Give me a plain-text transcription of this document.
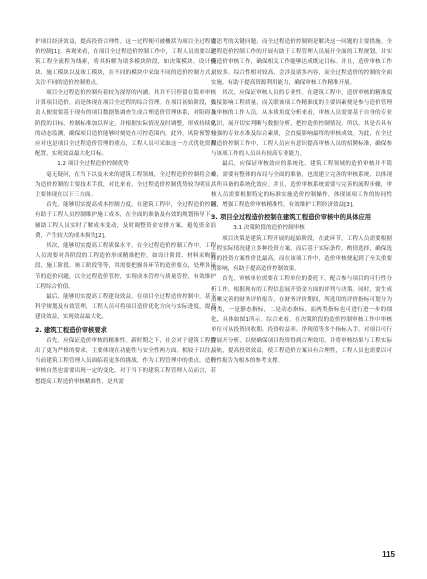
护项目经济效益，提高投资合理性，这一过程便可被概括为项目全过程造价控制[1]。客观来看，在项目全过程造价控制工作中，工程人员需要以建筑工程全流程为线索，将其拆解为诸多模块阶段，如决策模块、设计模块、施工模块以及竣工模块，在不同的模块中采取不同的造价控制方式，关注不同的造价控制重点。

项目全过程造价控制有着较为深厚的内涵，其并不只停留在简单审核计算项目造价，而是体现在项目全过程的综合管理。在项目初始阶段，负责人便需要基于现有的项目数据集调查生成合理造价管理体系，对阻碍各阶段的目标，控制标准加以界定，并根据实际情况及时调整，形成持续化的动态监测，确保项目造价能够时刻处在可控范围内。此外，风险预警与应对也是项目全过程造价管理的重点，工程人员可采取这一方式优化资源配置，实现效益最大化目标。

1.2 项目全过程造价控制优势

毫无疑问，在当下以及未来的建筑工程领域，全过程造价控制将会成为造价控制的主要技术手段，对比来看，全过程造价控制优势较为明显，主要体现在以下三方面。

首先，能够切实提高成本控制力度。在建筑工程中，全过程造价控制有助于工程人员控制维护施工成本，在全面的准备及有效的规划指导下，辅助工程人员实时了解成本变动，及时调整资金安排方案，避免资金浪费，产生较大的成本损失[2]。

其次，能够切实提高工程质保水平。在全过程造价控制工作中，工程人员需要对各阶段的工程造价形成精准把控，如设计阶段、材料采购阶段、施工阶段、竣工阶段等等，其需要把握各环节的造价要点，处理各环节的造价问题，以全过程造价管控，实现成本管控与质量管控，有效维护工程综合价值。

最后，能够切实提高工程建设效益。在项目全过程造价控制中，基于科学规划及有效管理，工程人员可将项目造价优化方向与实际进度，提高建设效益，实现效益最大化。

2. 建筑工程造价审核要求

首先，应保证造价审核的精准性。新时期之下，社会对于建筑工程提出了更为严格的要求，主要体现在功能性与安全性两方面。相较于以往，当前建筑工程管理人员面临着更多的挑战。作为工程管理中的重点，造价审核自然也需要出现一定的变化。对于当下的建筑工程管理人员而言，若想提高工程造价审核精准性，是其需

要思考的关键问题，而全过程造价控制则是解决这一问题的主要措施。全过程造价控制工作的开展有助于工程管理人员展开全面的工程规划，并实施造价审核工作，确保相关工作能够达成既定目标。并且，造价审核工作量较多、综合性相对较高，会涉及诸多内容，而全过程造价的控制的全面实施，有助于提高资源利用能力，确保审核工作精准开展。

其次，应保证审核人员的专业性。在建筑工程中，造价审核的精准度直接影响工程质量，而关联该项工作精准度的主要因素便是参与造价管理及审核的工作人员。从本质角度分析来看，审核人员需要基于自身的专业认识，展开切实判断与数据分析，把控造价控制情况。所以，其是否具有较强的专业水准及综合素质，会直接影响最终的审核成效。为此，在全过程造价控制工作中，工程人员应有意识提高审核人员的招聘标准，确保参与该项工作的人员具有较高专业能力。

最后，应保证审核效应的系统化。建筑工程领域的造价审核并不简单，需要有整体的布局与全面的准备，也需建立完善的审核系统，以体现其所具备的系统化效应。并且，造价审核系统需要与完善的流程步骤，审核人员需要根据特定的标准实施造价控制操作，体现该项工作的协同性能，增强工程造价审核精准性，有效维护工程经济效益[3]。

3. 项目全过程造价控制在建筑工程造价审核中的具体应用

3.1 决策阶段的造价控制审核

项目决策是建筑工程开展的起始阶段，在此环节，工程人员需要根据工程实际情况建立多种投资方案，而后基于实际条件，酌情选择，确保选择的投资方案性价比最高。而在该项工作中，造价审核便起到了至关重要的影响，有助于提高造价控制效果。

首先，审核单位需要在工程单位的委托下，配合参与项目的可行性分析工作，根据现有的工程信息展开资金方面的评判与决策。同时，需生成清晰完善的财务评价报告，在财务评价期间，所选用的评价指标可划分为两类，一是静态指标，二是动态指标，而两类指标也可进行进一步的细化，具体如图1所示。综合来看，在决策阶段的造价控制审核工作中审核单位可从投资回收期、投资收益率、净现值等多个指标入手，对项目可行性展开分析，以便确保项目投资得到合理效用，并将审核结果与工程实际接轨，提高投资效益，使工程造价方案具有合理性，工程人员也需要以可行性报告为根本的参考支撑。

115
